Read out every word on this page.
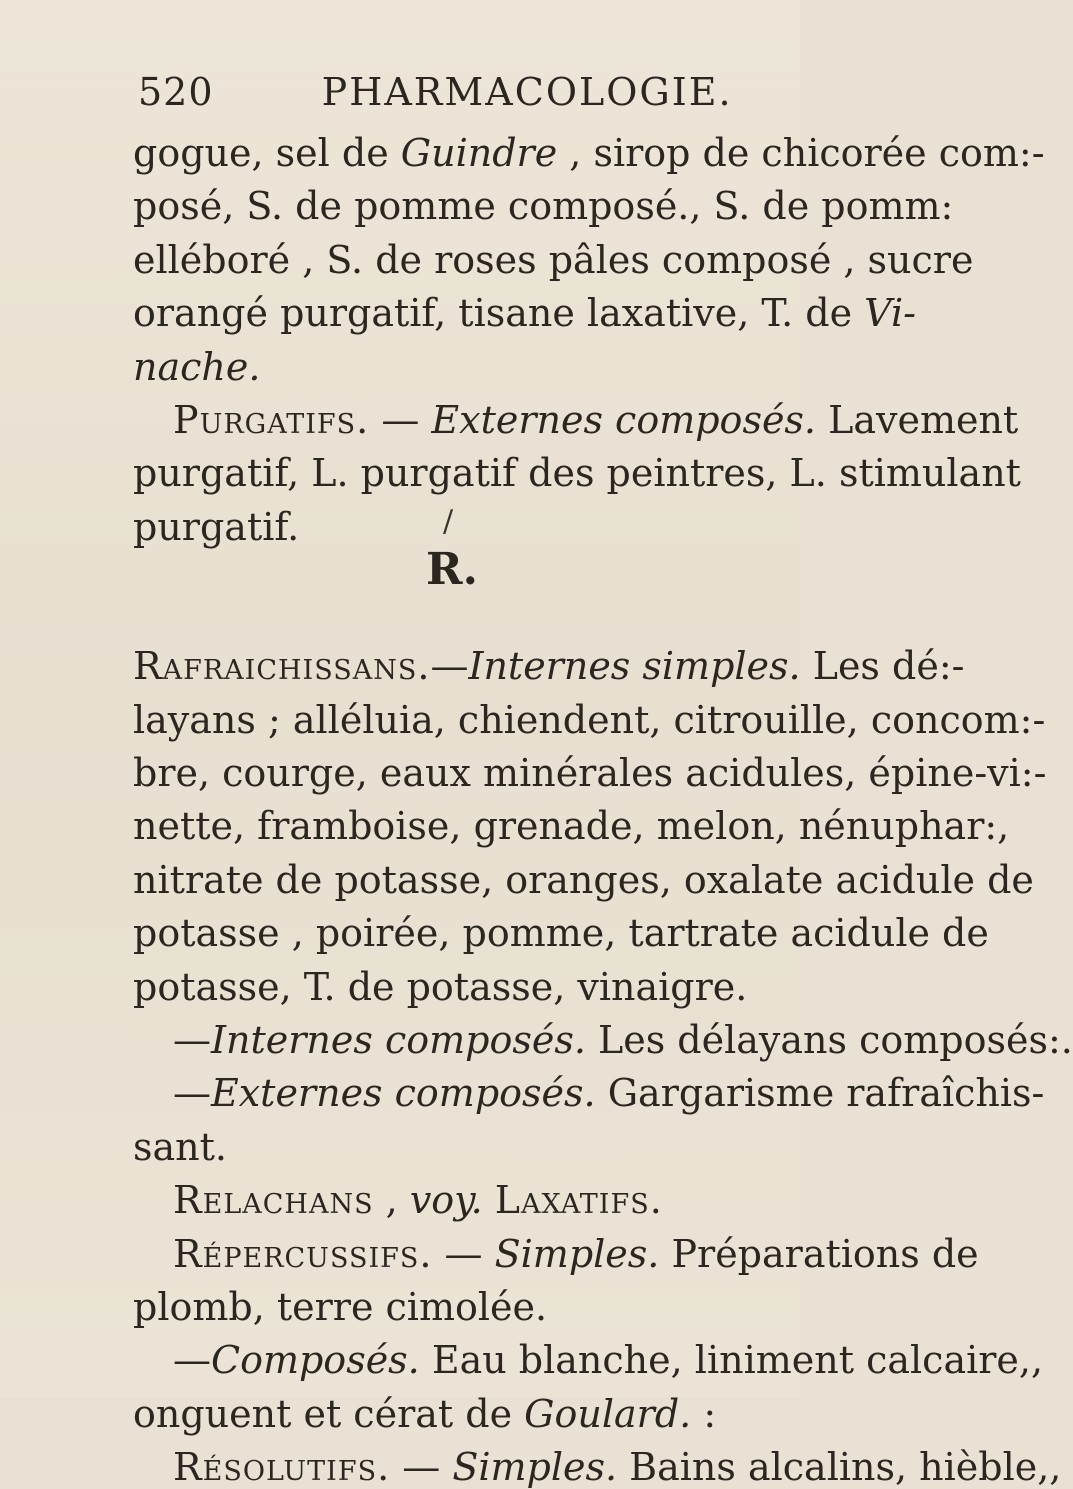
520	PHARMACOLOGIE.
gogue, sel de Guindre , sirop de chicorée com:-
posé, S. de pomme composé., S. de pomm:
elléboré , S. de roses pâles composé , sucre
orangé purgatif, tisane laxative, T. de Vi-
nache.
Purgatifs. — Externes composés. Lavement
purgatif, L. purgatif des peintres, L. stimulant
purgatif.	/
R.
Rafraichissans.—Internes simples. Les dé:-
layans ; alléluia, chiendent, citrouille, concom:-
bre, courge, eaux minérales acidules, épine-vi:-
nette, framboise, grenade, melon, nénuphar:,
nitrate de potasse, oranges, oxalate acidule de
potasse , poirée, pomme, tartrate acidule de
potasse, T. de potasse, vinaigre.
—Internes composés. Les délayans composés:.
—Externes composés. Gargarisme rafraîchis-
sant.
Relachans , voy. Laxatifs.
Répercussifs. — Simples. Préparations de
plomb, terre cimolée.
—Composés. Eau blanche, liniment calcaire,,
onguent et cérat de Goulard. :
Résolutifs. — Simples. Bains alcalins, hièble,,
